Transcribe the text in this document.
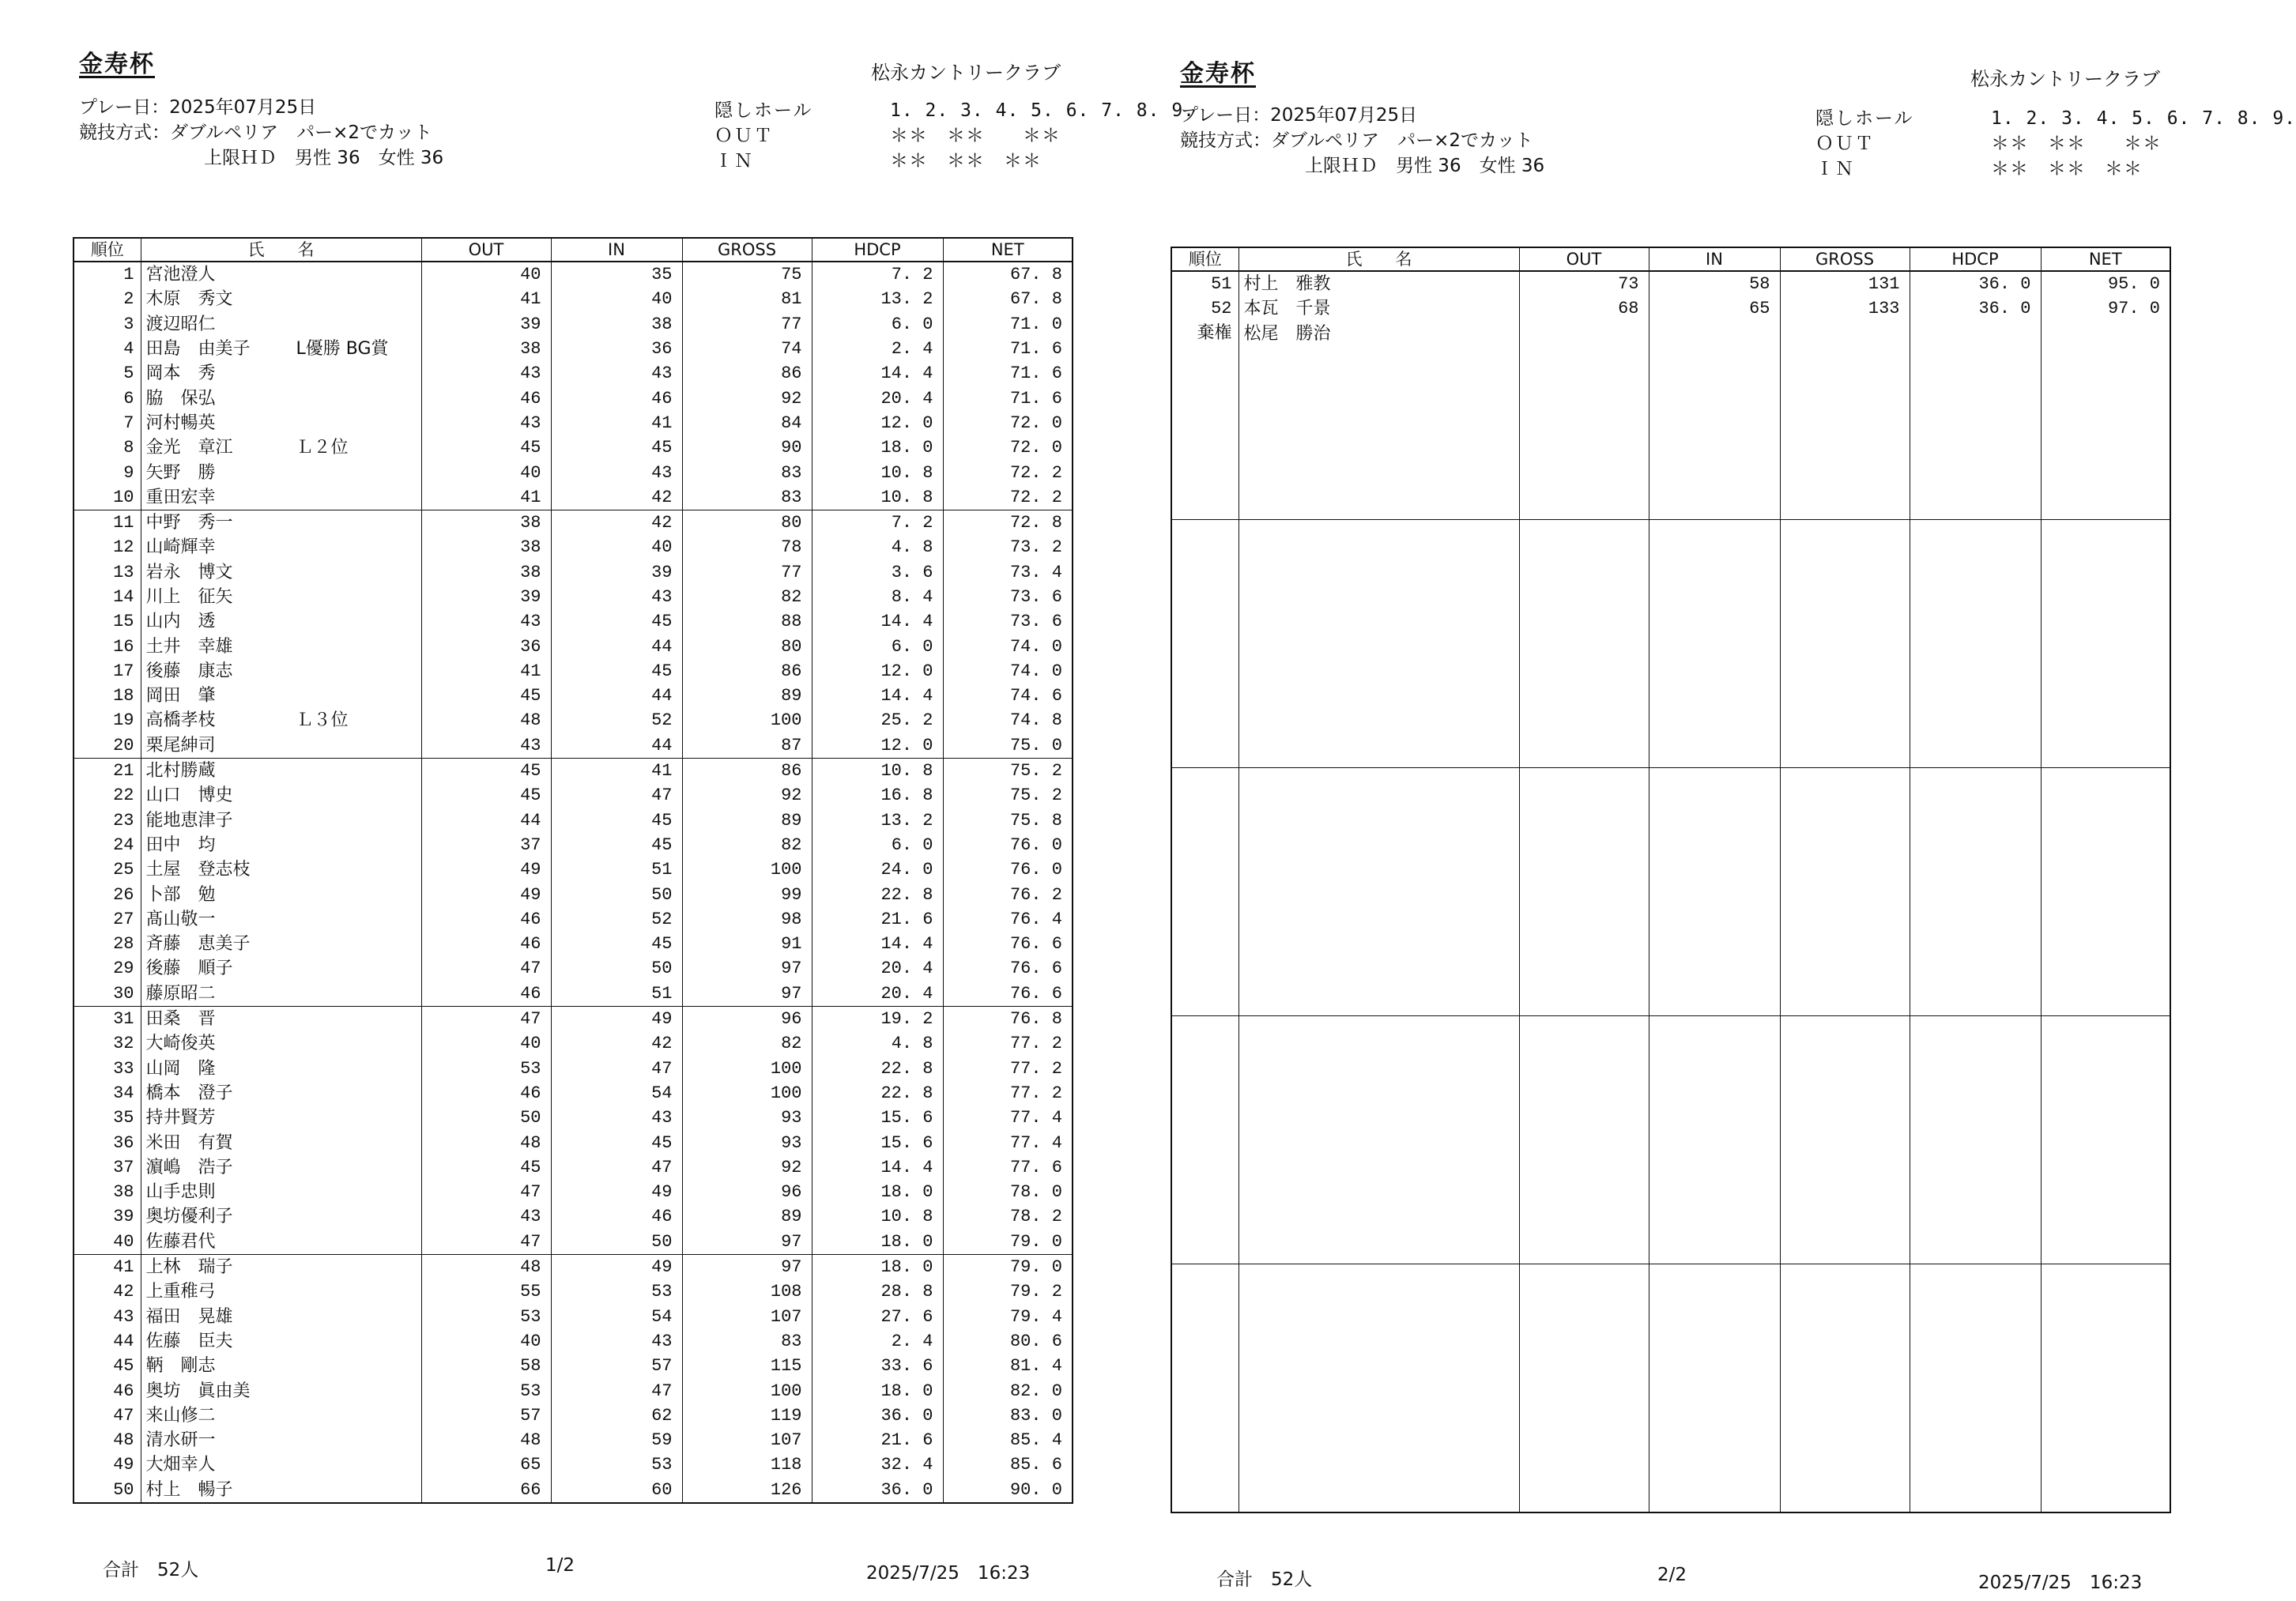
金寿杯	松永カントリークラブ
プレー日：2025年07月25日
競技方式：ダブルペリア　パー×2でカット
上限ＨＤ　男性 36　女性 36
隠しホール	1. 2. 3. 4. 5. 6. 7. 8. 9.
ＯＵＴ	＊＊　＊＊　　＊＊
ＩＮ	＊＊　＊＊　＊＊
順位	氏　　名	OUT	IN	GROSS	HDCP	NET
1	宮池澄人	40	35	75	7. 2	67. 8
2	木原　秀文	41	40	81	13. 2	67. 8
3	渡辺昭仁	39	38	77	6. 0	71. 0
4	田島　由美子 L優勝 BG賞	38	36	74	2. 4	71. 6
5	岡本　秀	43	43	86	14. 4	71. 6
6	脇　保弘	46	46	92	20. 4	71. 6
7	河村暢英	43	41	84	12. 0	72. 0
8	金光　章江 Ｌ２位	45	45	90	18. 0	72. 0
9	矢野　勝	40	43	83	10. 8	72. 2
10	重田宏幸	41	42	83	10. 8	72. 2
11	中野　秀一	38	42	80	7. 2	72. 8
12	山崎輝幸	38	40	78	4. 8	73. 2
13	岩永　博文	38	39	77	3. 6	73. 4
14	川上　征矢	39	43	82	8. 4	73. 6
15	山内　透	43	45	88	14. 4	73. 6
16	土井　幸雄	36	44	80	6. 0	74. 0
17	後藤　康志	41	45	86	12. 0	74. 0
18	岡田　肇	45	44	89	14. 4	74. 6
19	高橋孝枝 Ｌ３位	48	52	100	25. 2	74. 8
20	栗尾紳司	43	44	87	12. 0	75. 0
21	北村勝蔵	45	41	86	10. 8	75. 2
22	山口　博史	45	47	92	16. 8	75. 2
23	能地恵津子	44	45	89	13. 2	75. 8
24	田中　均	37	45	82	6. 0	76. 0
25	土屋　登志枝	49	51	100	24. 0	76. 0
26	卜部　勉	49	50	99	22. 8	76. 2
27	髙山敬一	46	52	98	21. 6	76. 4
28	斉藤　恵美子	46	45	91	14. 4	76. 6
29	後藤　順子	47	50	97	20. 4	76. 6
30	藤原昭二	46	51	97	20. 4	76. 6
31	田桑　晋	47	49	96	19. 2	76. 8
32	大崎俊英	40	42	82	4. 8	77. 2
33	山岡　隆	53	47	100	22. 8	77. 2
34	橋本　澄子	46	54	100	22. 8	77. 2
35	持井賢芳	50	43	93	15. 6	77. 4
36	米田　有賀	48	45	93	15. 6	77. 4
37	濵嶋　浩子	45	47	92	14. 4	77. 6
38	山手忠則	47	49	96	18. 0	78. 0
39	奥坊優利子	43	46	89	10. 8	78. 2
40	佐藤君代	47	50	97	18. 0	79. 0
41	上林　瑞子	48	49	97	18. 0	79. 0
42	上重稚弓	55	53	108	28. 8	79. 2
43	福田　晃雄	53	54	107	27. 6	79. 4
44	佐藤　臣夫	40	43	83	2. 4	80. 6
45	鞆　剛志	58	57	115	33. 6	81. 4
46	奥坊　眞由美	53	47	100	18. 0	82. 0
47	来山修二	57	62	119	36. 0	83. 0
48	清水研一	48	59	107	21. 6	85. 4
49	大畑幸人	65	53	118	32. 4	85. 6
50	村上　暢子	66	60	126	36. 0	90. 0
合計　52人	1/2	2025/7/25　16:23
金寿杯	松永カントリークラブ
プレー日：2025年07月25日
競技方式：ダブルペリア　パー×2でカット
上限ＨＤ　男性 36　女性 36
隠しホール	1. 2. 3. 4. 5. 6. 7. 8. 9.
ＯＵＴ	＊＊　＊＊　　＊＊
ＩＮ	＊＊　＊＊　＊＊
順位	氏　　名	OUT	IN	GROSS	HDCP	NET
51	村上　雅教	73	58	131	36. 0	95. 0
52	本瓦　千景	68	65	133	36. 0	97. 0
棄権	松尾　勝治					

合計　52人	2/2	2025/7/25　16:23
